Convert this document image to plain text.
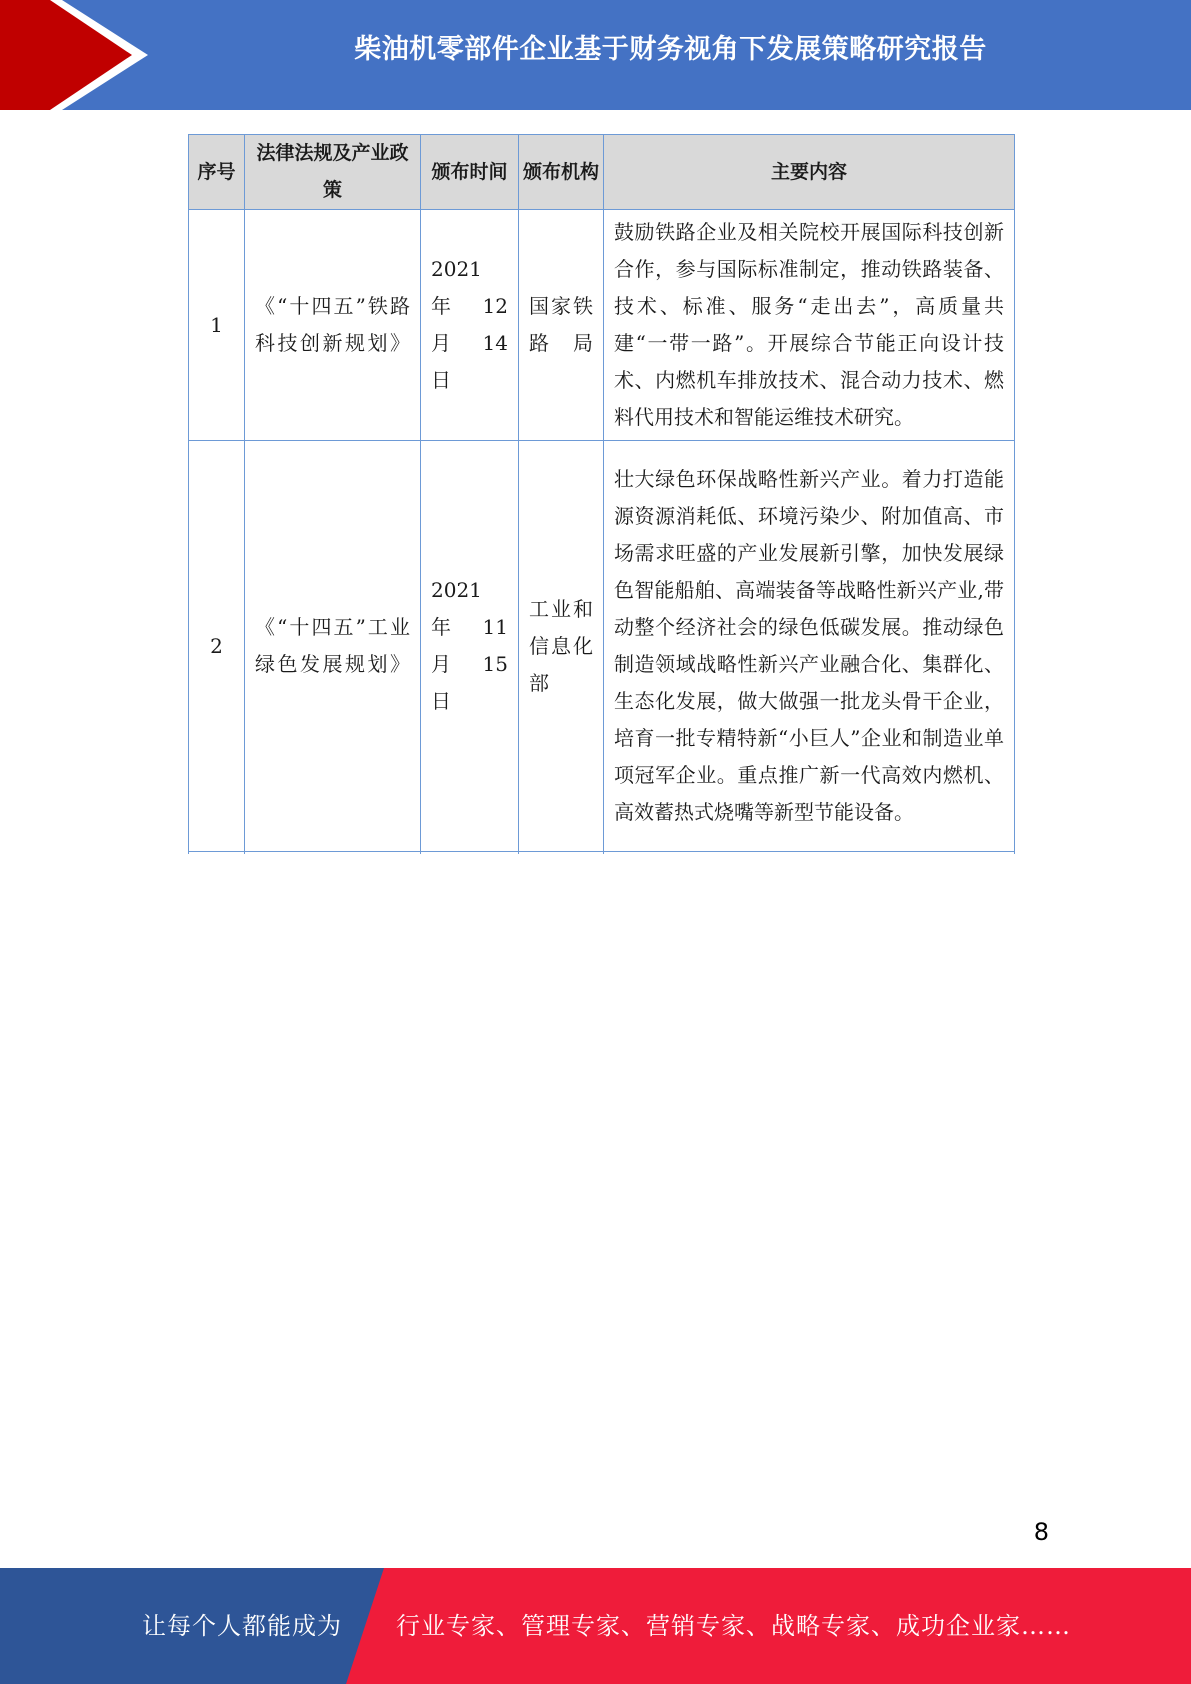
柴油机零部件企业基于财务视角下发展策略研究报告
序号	法律法规及产业政策	颁布时间	颁布机构	主要内容
1	《“十四五”铁路科技创新规划》	2021 年 12 月 14 日	国家铁路局	鼓励铁路企业及相关院校开展国际科技创新合作，参与国际标准制定，推动铁路装备、技术、标准、服务“走出去”，高质量共建“一带一路”。开展综合节能正向设计技术、内燃机车排放技术、混合动力技术、燃料代用技术和智能运维技术研究。
2	《“十四五”工业绿色发展规划》	2021 年 11 月 15 日	工业和信息化部	壮大绿色环保战略性新兴产业。着力打造能源资源消耗低、环境污染少、附加值高、市场需求旺盛的产业发展新引擎，加快发展绿色智能船舶、高端装备等战略性新兴产业,带动整个经济社会的绿色低碳发展。推动绿色制造领域战略性新兴产业融合化、集群化、生态化发展，做大做强一批龙头骨干企业，培育一批专精特新“小巨人”企业和制造业单项冠军企业。重点推广新一代高效内燃机、高效蓄热式烧嘴等新型节能设备。

8
让每个人都能成为 行业专家、管理专家、营销专家、战略专家、成功企业家……
